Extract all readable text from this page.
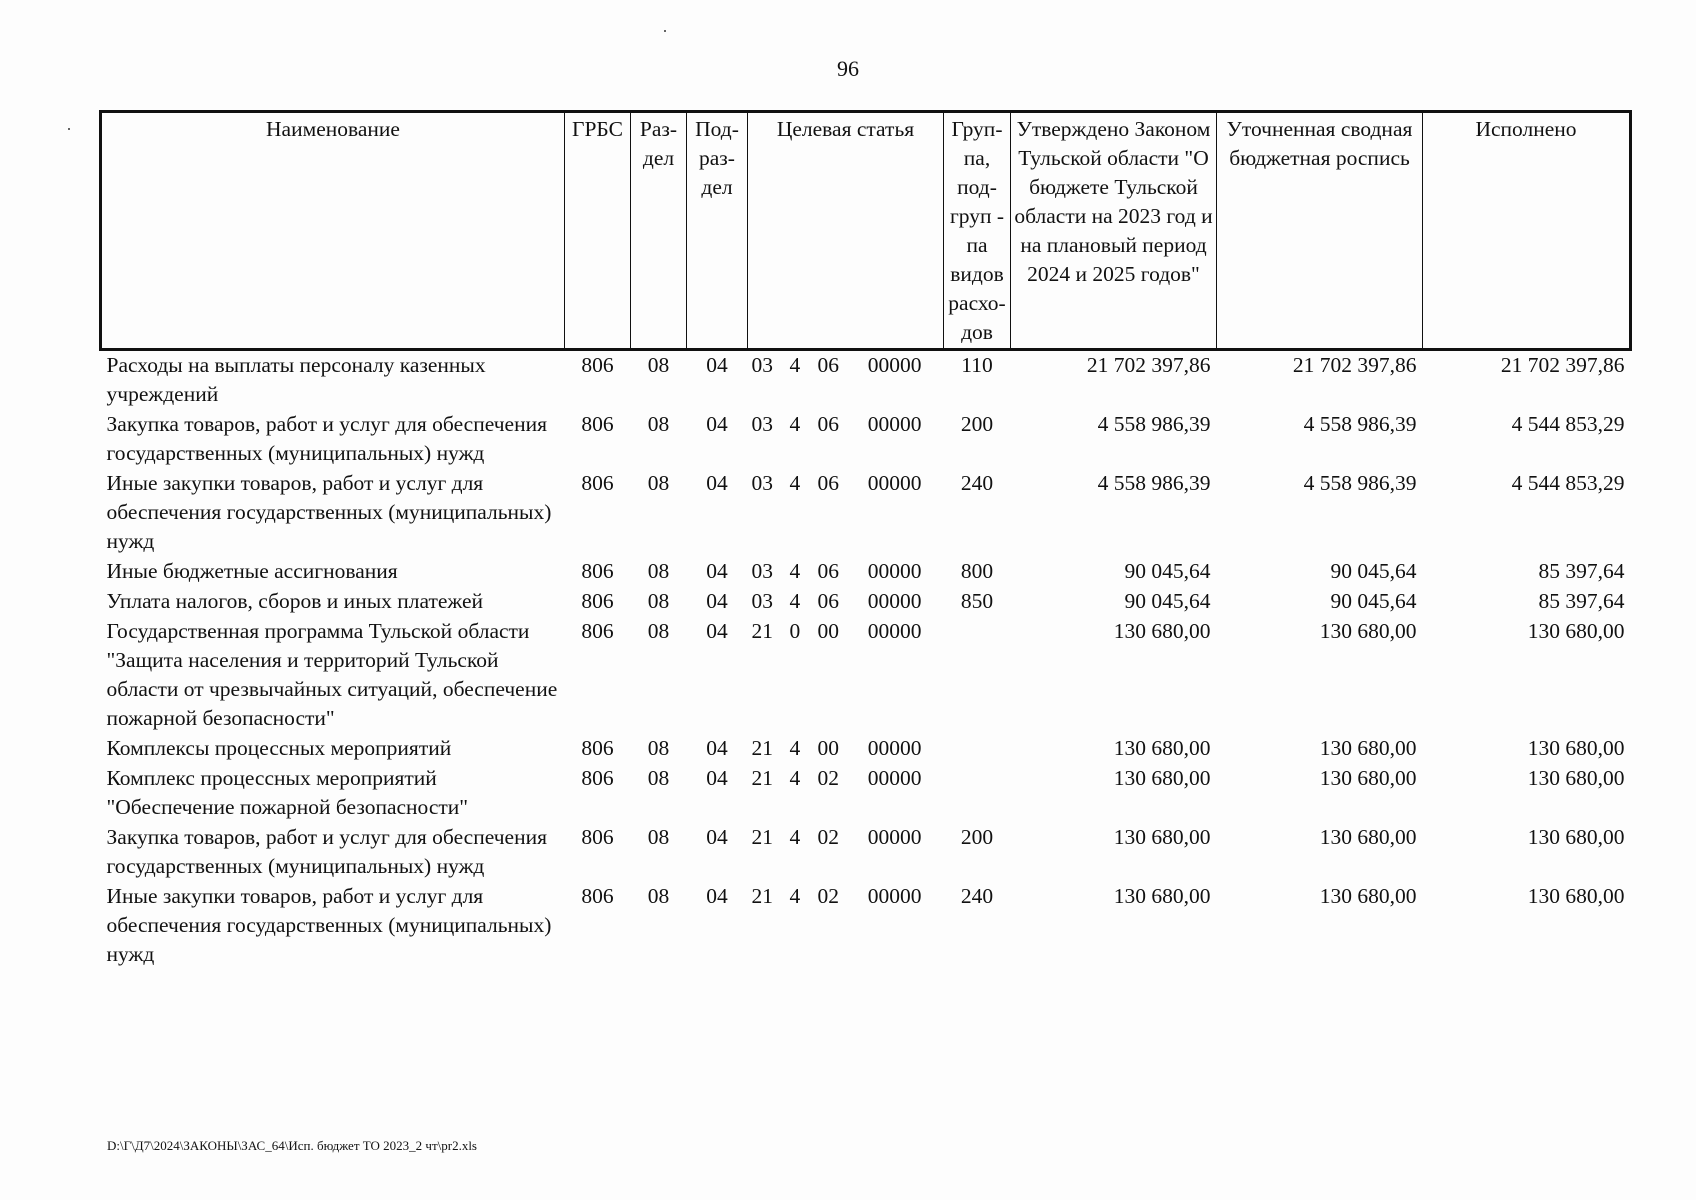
96
Наименование	ГРБС	Раз-дел	Под-раз-дел	Целевая статья	Груп-па, под-груп - па видов расхо-дов	Утверждено Законом Тульской области "О бюджете Тульской области на 2023 год и на плановый период 2024 и 2025 годов"	Уточненная сводная бюджетная роспись	Исполнено
Расходы на выплаты персоналу казенных учреждений	806	08	04	03 4 06 00000	110	21 702 397,86	21 702 397,86	21 702 397,86
Закупка товаров, работ и услуг для обеспечения государственных (муниципальных) нужд	806	08	04	03 4 06 00000	200	4 558 986,39	4 558 986,39	4 544 853,29
Иные закупки товаров, работ и услуг для обеспечения государственных (муниципальных) нужд	806	08	04	03 4 06 00000	240	4 558 986,39	4 558 986,39	4 544 853,29
Иные бюджетные ассигнования	806	08	04	03 4 06 00000	800	90 045,64	90 045,64	85 397,64
Уплата налогов, сборов и иных платежей	806	08	04	03 4 06 00000	850	90 045,64	90 045,64	85 397,64
Государственная программа Тульской области "Защита населения и территорий Тульской области от чрезвычайных ситуаций, обеспечение пожарной безопасности"	806	08	04	21 0 00 00000		130 680,00	130 680,00	130 680,00
Комплексы процессных мероприятий	806	08	04	21 4 00 00000		130 680,00	130 680,00	130 680,00
Комплекс процессных мероприятий "Обеспечение пожарной безопасности"	806	08	04	21 4 02 00000		130 680,00	130 680,00	130 680,00
Закупка товаров, работ и услуг для обеспечения государственных (муниципальных) нужд	806	08	04	21 4 02 00000	200	130 680,00	130 680,00	130 680,00
Иные закупки товаров, работ и услуг для обеспечения государственных (муниципальных) нужд	806	08	04	21 4 02 00000	240	130 680,00	130 680,00	130 680,00
D:\Г\Д7\2024\ЗАКОНЫ\ЗАС_64\Исп. бюджет ТО 2023_2 чт\pr2.xls
